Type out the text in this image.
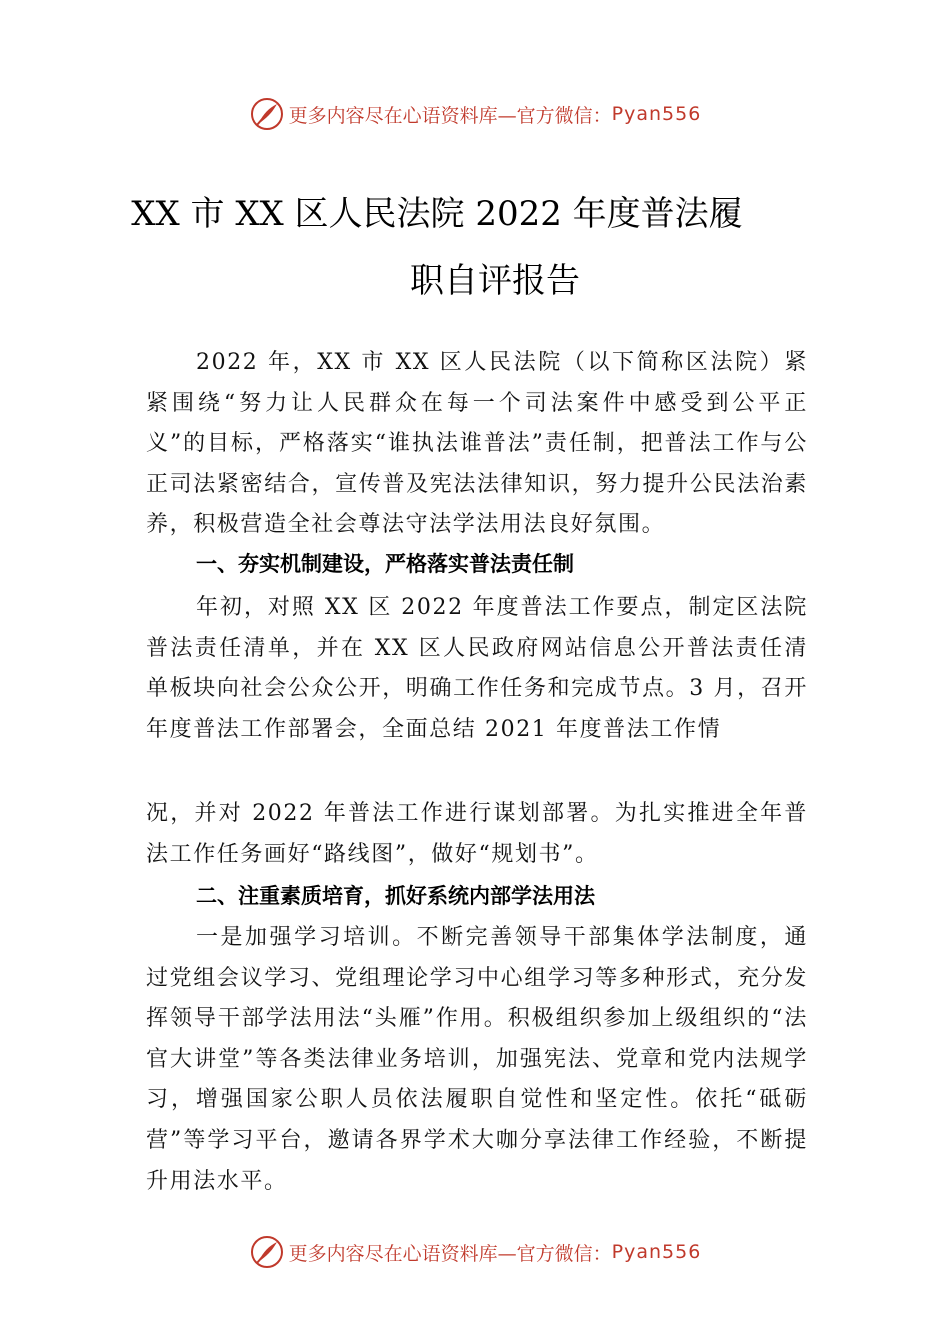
更多内容尽在心语资料库—官方微信： Pyan556
XX 市 XX 区人民法院 2022 年度普法履
职自评报告

2022 年，XX 市 XX 区人民法院（以下简称区法院）紧紧围绕“努力让人民群众在每一个司法案件中感受到公平正义”的目标，严格落实“谁执法谁普法”责任制，把普法工作与公正司法紧密结合，宣传普及宪法法律知识，努力提升公民法治素养，积极营造全社会尊法守法学法用法良好氛围。

一、夯实机制建设，严格落实普法责任制

年初，对照 XX 区 2022 年度普法工作要点，制定区法院普法责任清单，并在 XX 区人民政府网站信息公开普法责任清单板块向社会公众公开，明确工作任务和完成节点。3 月，召开年度普法工作部署会，全面总结 2021 年度普法工作情

况，并对 2022 年普法工作进行谋划部署。为扎实推进全年普法工作任务画好“路线图”，做好“规划书”。

二、注重素质培育，抓好系统内部学法用法

一是加强学习培训。不断完善领导干部集体学法制度，通过党组会议学习、党组理论学习中心组学习等多种形式，充分发挥领导干部学法用法“头雁”作用。积极组织参加上级组织的“法官大讲堂”等各类法律业务培训，加强宪法、党章和党内法规学习，增强国家公职人员依法履职自觉性和坚定性。依托“砥砺营”等学习平台，邀请各界学术大咖分享法律工作经验，不断提升用法水平。

更多内容尽在心语资料库—官方微信： Pyan556
